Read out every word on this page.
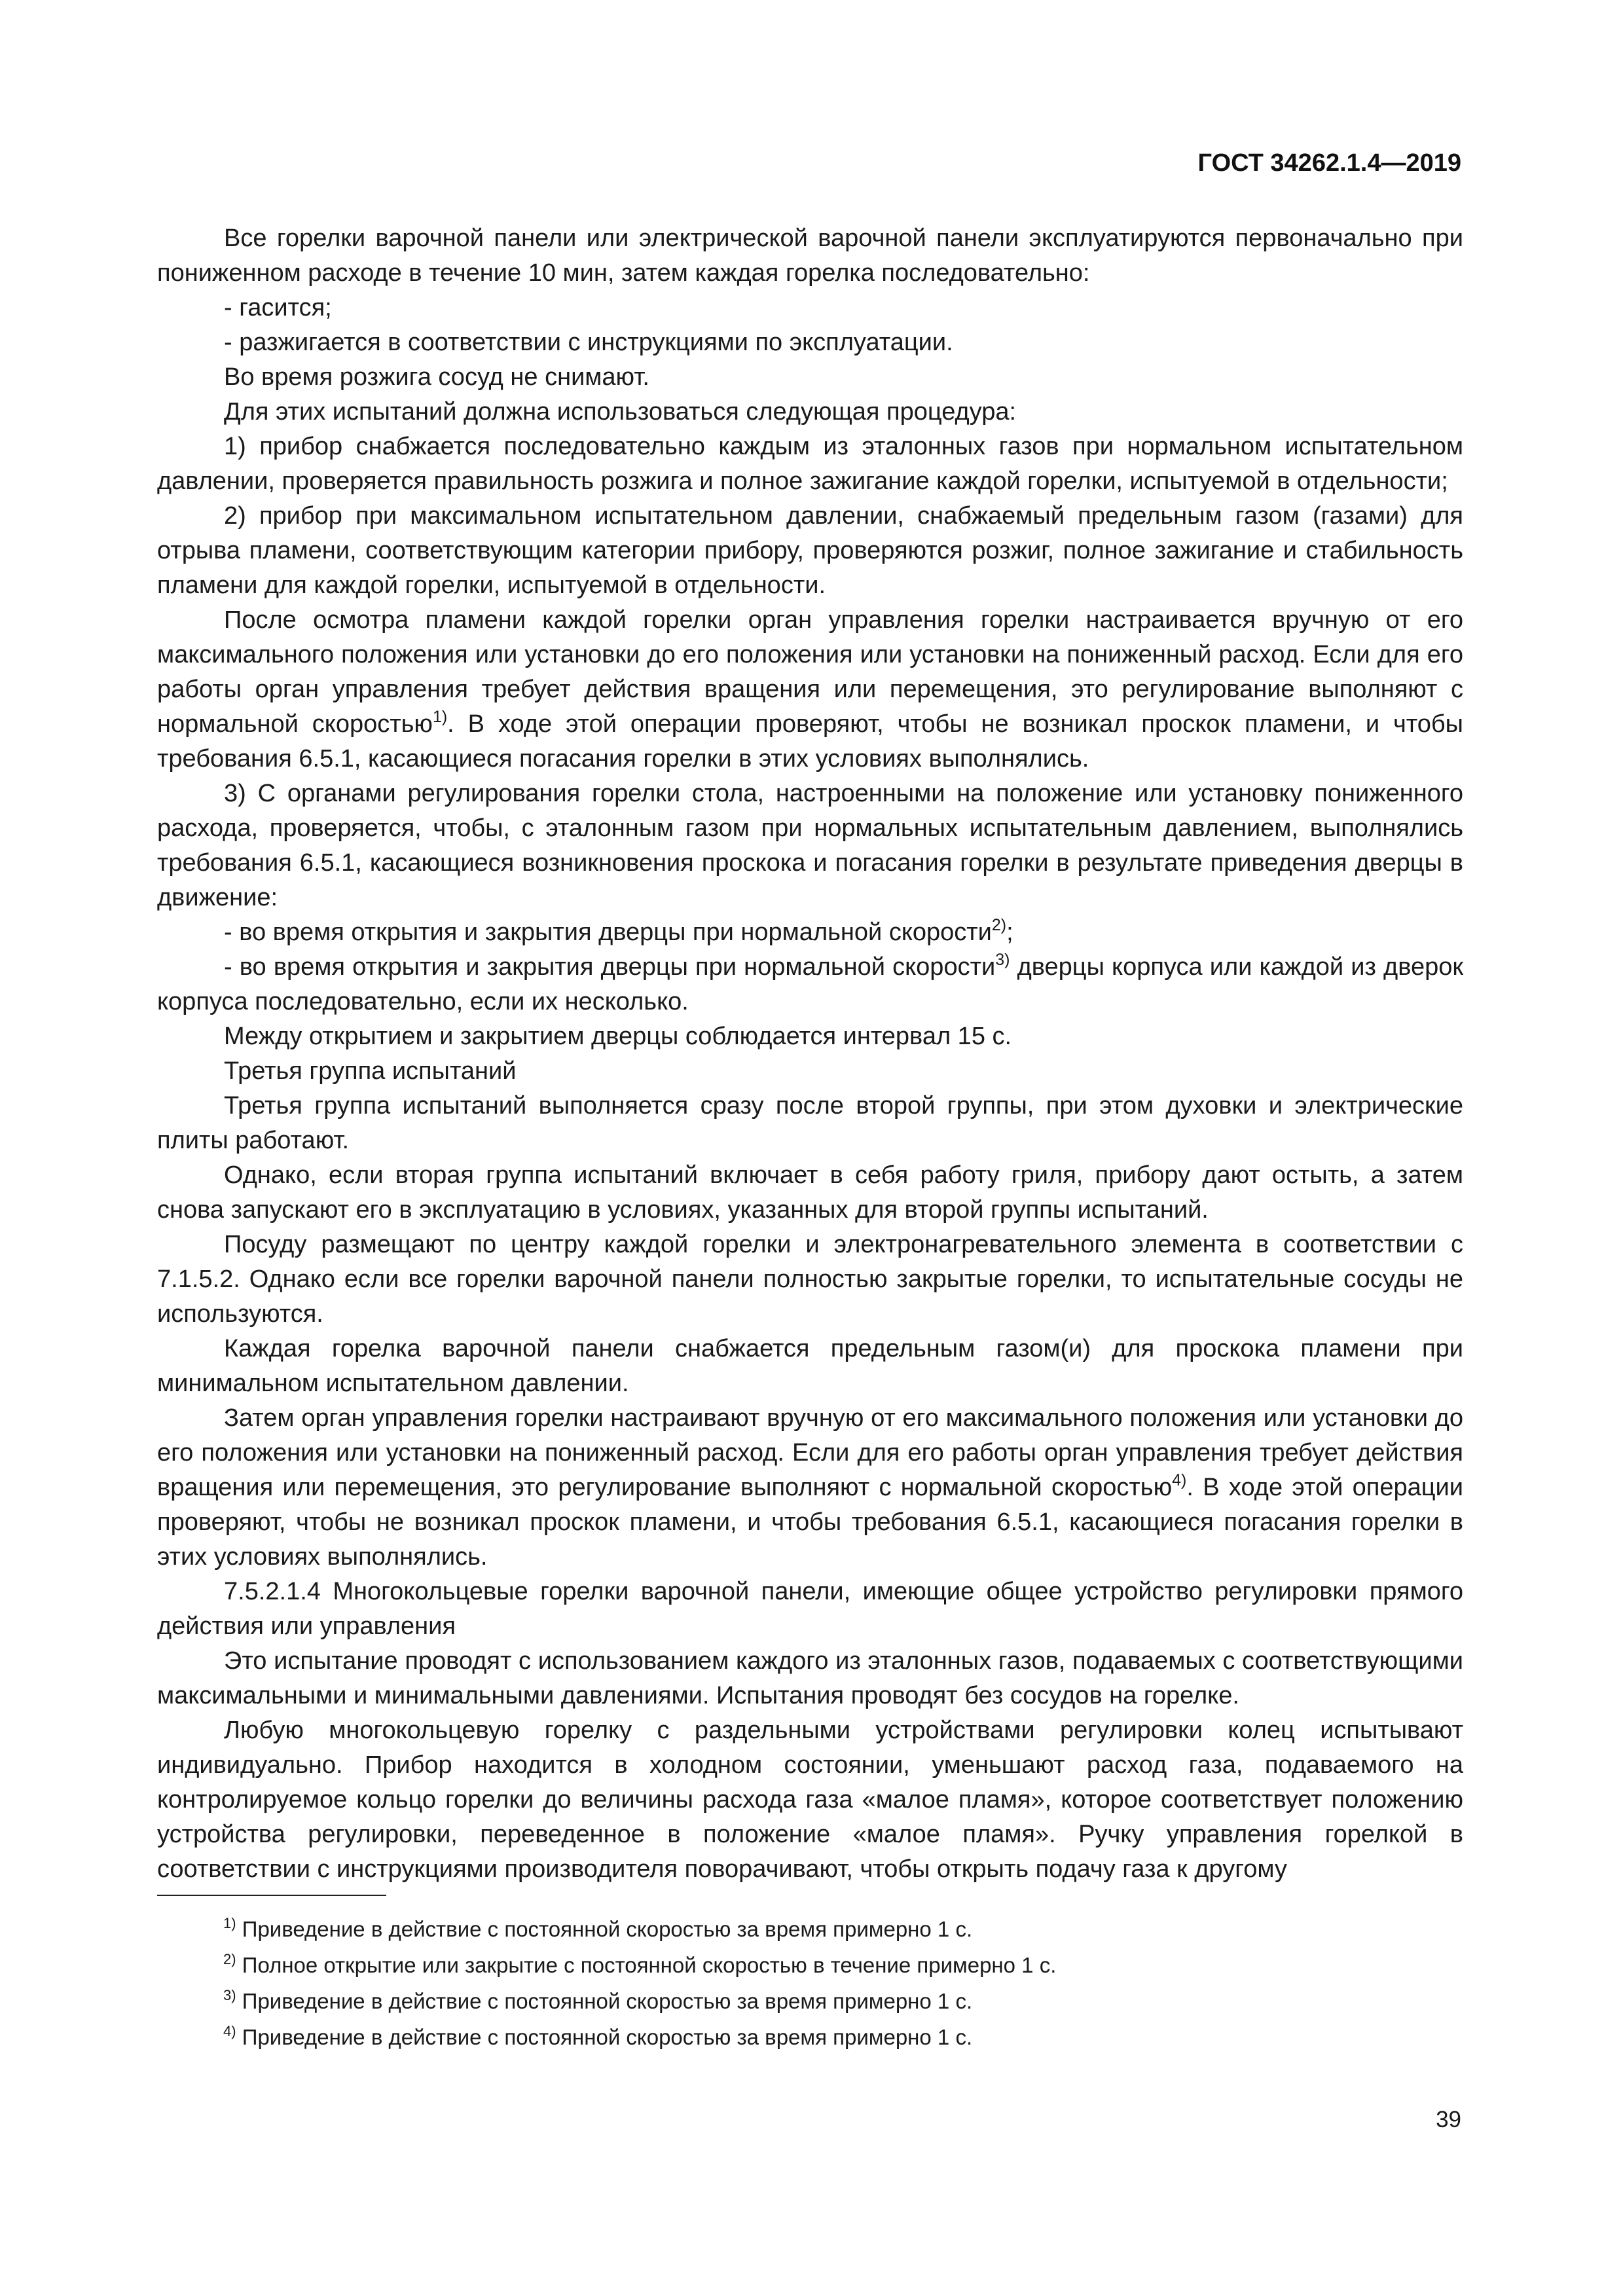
ГОСТ 34262.1.4—2019

Все горелки варочной панели или электрической варочной панели эксплуатируются первоначально при пониженном расходе в течение 10 мин, затем каждая горелка последовательно:

- гасится;

- разжигается в соответствии с инструкциями по эксплуатации.

Во время розжига сосуд не снимают.

Для этих испытаний должна использоваться следующая процедура:

1) прибор снабжается последовательно каждым из эталонных газов при нормальном испытательном давлении, проверяется правильность розжига и полное зажигание каждой горелки, испытуемой в отдельности;

2) прибор при максимальном испытательном давлении, снабжаемый предельным газом (газами) для отрыва пламени, соответствующим категории прибору, проверяются розжиг, полное зажигание и стабильность пламени для каждой горелки, испытуемой в отдельности.

После осмотра пламени каждой горелки орган управления горелки настраивается вручную от его максимального положения или установки до его положения или установки на пониженный расход. Если для его работы орган управления требует действия вращения или перемещения, это регулирование выполняют с нормальной скоростью$^{1)}$. В ходе этой операции проверяют, чтобы не возникал проскок пламени, и чтобы требования 6.5.1, касающиеся погасания горелки в этих условиях выполнялись.

3) С органами регулирования горелки стола, настроенными на положение или установку пониженного расхода, проверяется, чтобы, с эталонным газом при нормальных испытательным давлением, выполнялись требования 6.5.1, касающиеся возникновения проскока и погасания горелки в результате приведения дверцы в движение:

- во время открытия и закрытия дверцы при нормальной скорости$^{2)}$;

- во время открытия и закрытия дверцы при нормальной скорости$^{3)}$ дверцы корпуса или каждой из дверок корпуса последовательно, если их несколько.

Между открытием и закрытием дверцы соблюдается интервал 15 с.

Третья группа испытаний

Третья группа испытаний выполняется сразу после второй группы, при этом духовки и электрические плиты работают.

Однако, если вторая группа испытаний включает в себя работу гриля, прибору дают остыть, а затем снова запускают его в эксплуатацию в условиях, указанных для второй группы испытаний.

Посуду размещают по центру каждой горелки и электронагревательного элемента в соответствии с 7.1.5.2. Однако если все горелки варочной панели полностью закрытые горелки, то испытательные сосуды не используются.

Каждая горелка варочной панели снабжается предельным газом(и) для проскока пламени при минимальном испытательном давлении.

Затем орган управления горелки настраивают вручную от его максимального положения или установки до его положения или установки на пониженный расход. Если для его работы орган управления требует действия вращения или перемещения, это регулирование выполняют с нормальной скоростью$^{4)}$. В ходе этой операции проверяют, чтобы не возникал проскок пламени, и чтобы требования 6.5.1, касающиеся погасания горелки в этих условиях выполнялись.

7.5.2.1.4 Многокольцевые горелки варочной панели, имеющие общее устройство регулировки прямого действия или управления

Это испытание проводят с использованием каждого из эталонных газов, подаваемых с соответствующими максимальными и минимальными давлениями. Испытания проводят без сосудов на горелке.

Любую многокольцевую горелку с раздельными устройствами регулировки колец испытывают индивидуально. Прибор находится в холодном состоянии, уменьшают расход газа, подаваемого на контролируемое кольцо горелки до величины расхода газа «малое пламя», которое соответствует положению устройства регулировки, переведенное в положение «малое пламя». Ручку управления горелкой в соответствии с инструкциями производителя поворачивают, чтобы открыть подачу газа к другому

$^{1)}$ Приведение в действие с постоянной скоростью за время примерно 1 с.

$^{2)}$ Полное открытие или закрытие с постоянной скоростью в течение примерно 1 с.

$^{3)}$ Приведение в действие с постоянной скоростью за время примерно 1 с.

$^{4)}$ Приведение в действие с постоянной скоростью за время примерно 1 с.

39
